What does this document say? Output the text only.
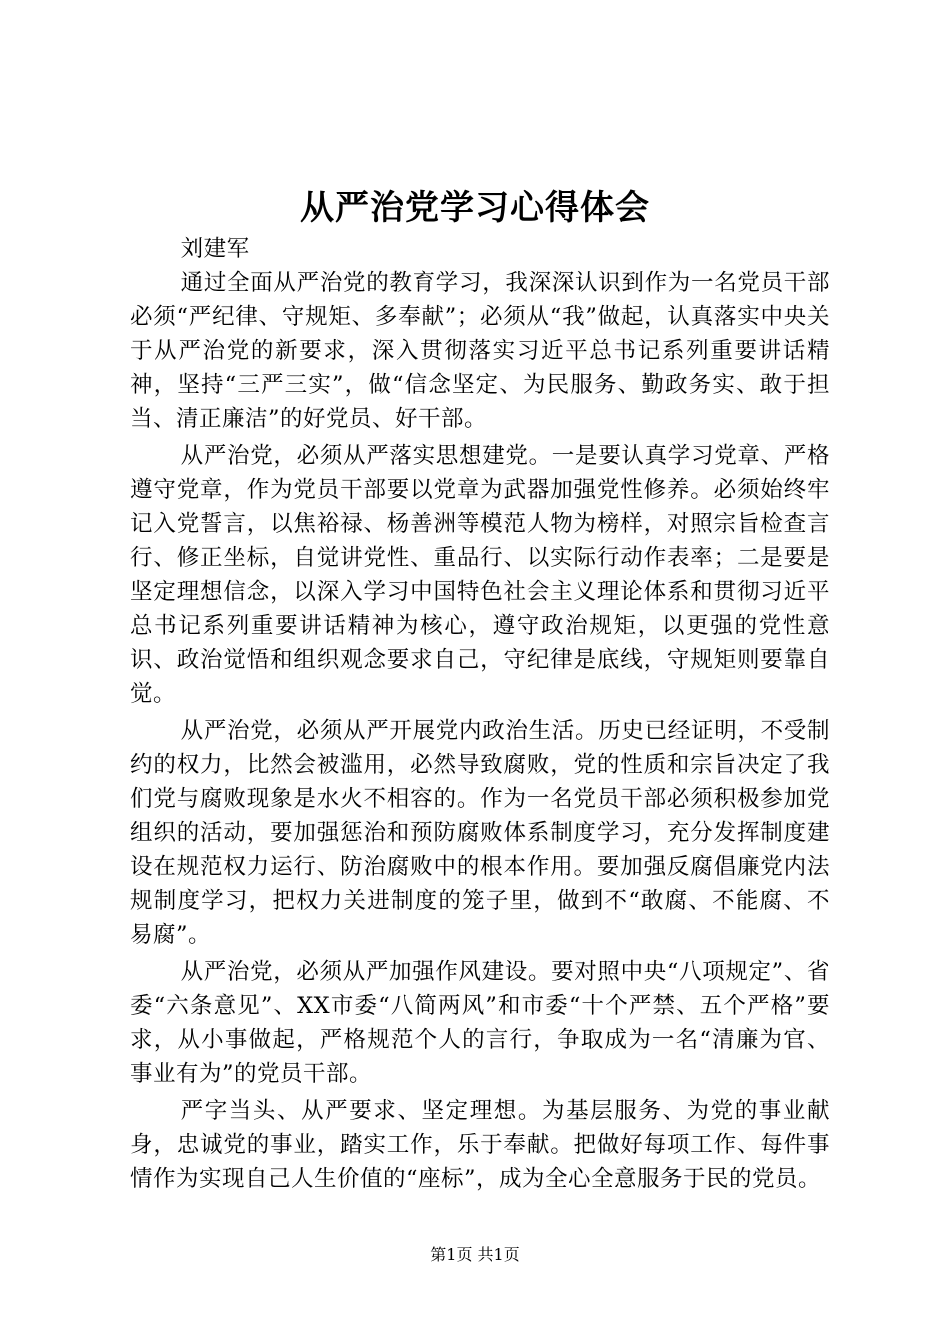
从严治党学习心得体会

刘建军

通过全面从严治党的教育学习，我深深认识到作为一名党员干部必须“严纪律、守规矩、多奉献”；必须从“我”做起，认真落实中央关于从严治党的新要求，深入贯彻落实习近平总书记系列重要讲话精神，坚持“三严三实”，做“信念坚定、为民服务、勤政务实、敢于担当、清正廉洁”的好党员、好干部。

从严治党，必须从严落实思想建党。一是要认真学习党章、严格遵守党章，作为党员干部要以党章为武器加强党性修养。必须始终牢记入党誓言，以焦裕禄、杨善洲等模范人物为榜样，对照宗旨检查言行、修正坐标，自觉讲党性、重品行、以实际行动作表率；二是要是坚定理想信念，以深入学习中国特色社会主义理论体系和贯彻习近平总书记系列重要讲话精神为核心，遵守政治规矩，以更强的党性意识、政治觉悟和组织观念要求自己，守纪律是底线，守规矩则要靠自觉。

从严治党，必须从严开展党内政治生活。历史已经证明，不受制约的权力，比然会被滥用，必然导致腐败，党的性质和宗旨决定了我们党与腐败现象是水火不相容的。作为一名党员干部必须积极参加党组织的活动，要加强惩治和预防腐败体系制度学习，充分发挥制度建设在规范权力运行、防治腐败中的根本作用。要加强反腐倡廉党内法规制度学习，把权力关进制度的笼子里，做到不“敢腐、不能腐、不易腐”。

从严治党，必须从严加强作风建设。要对照中央“八项规定”、省委“六条意见”、XX市委“八简两风”和市委“十个严禁、五个严格”要求，从小事做起，严格规范个人的言行，争取成为一名“清廉为官、事业有为”的党员干部。

严字当头、从严要求、坚定理想。为基层服务、为党的事业献身，忠诚党的事业，踏实工作，乐于奉献。把做好每项工作、每件事情作为实现自己人生价值的“座标”，成为全心全意服务于民的党员。

第1页 共1页
